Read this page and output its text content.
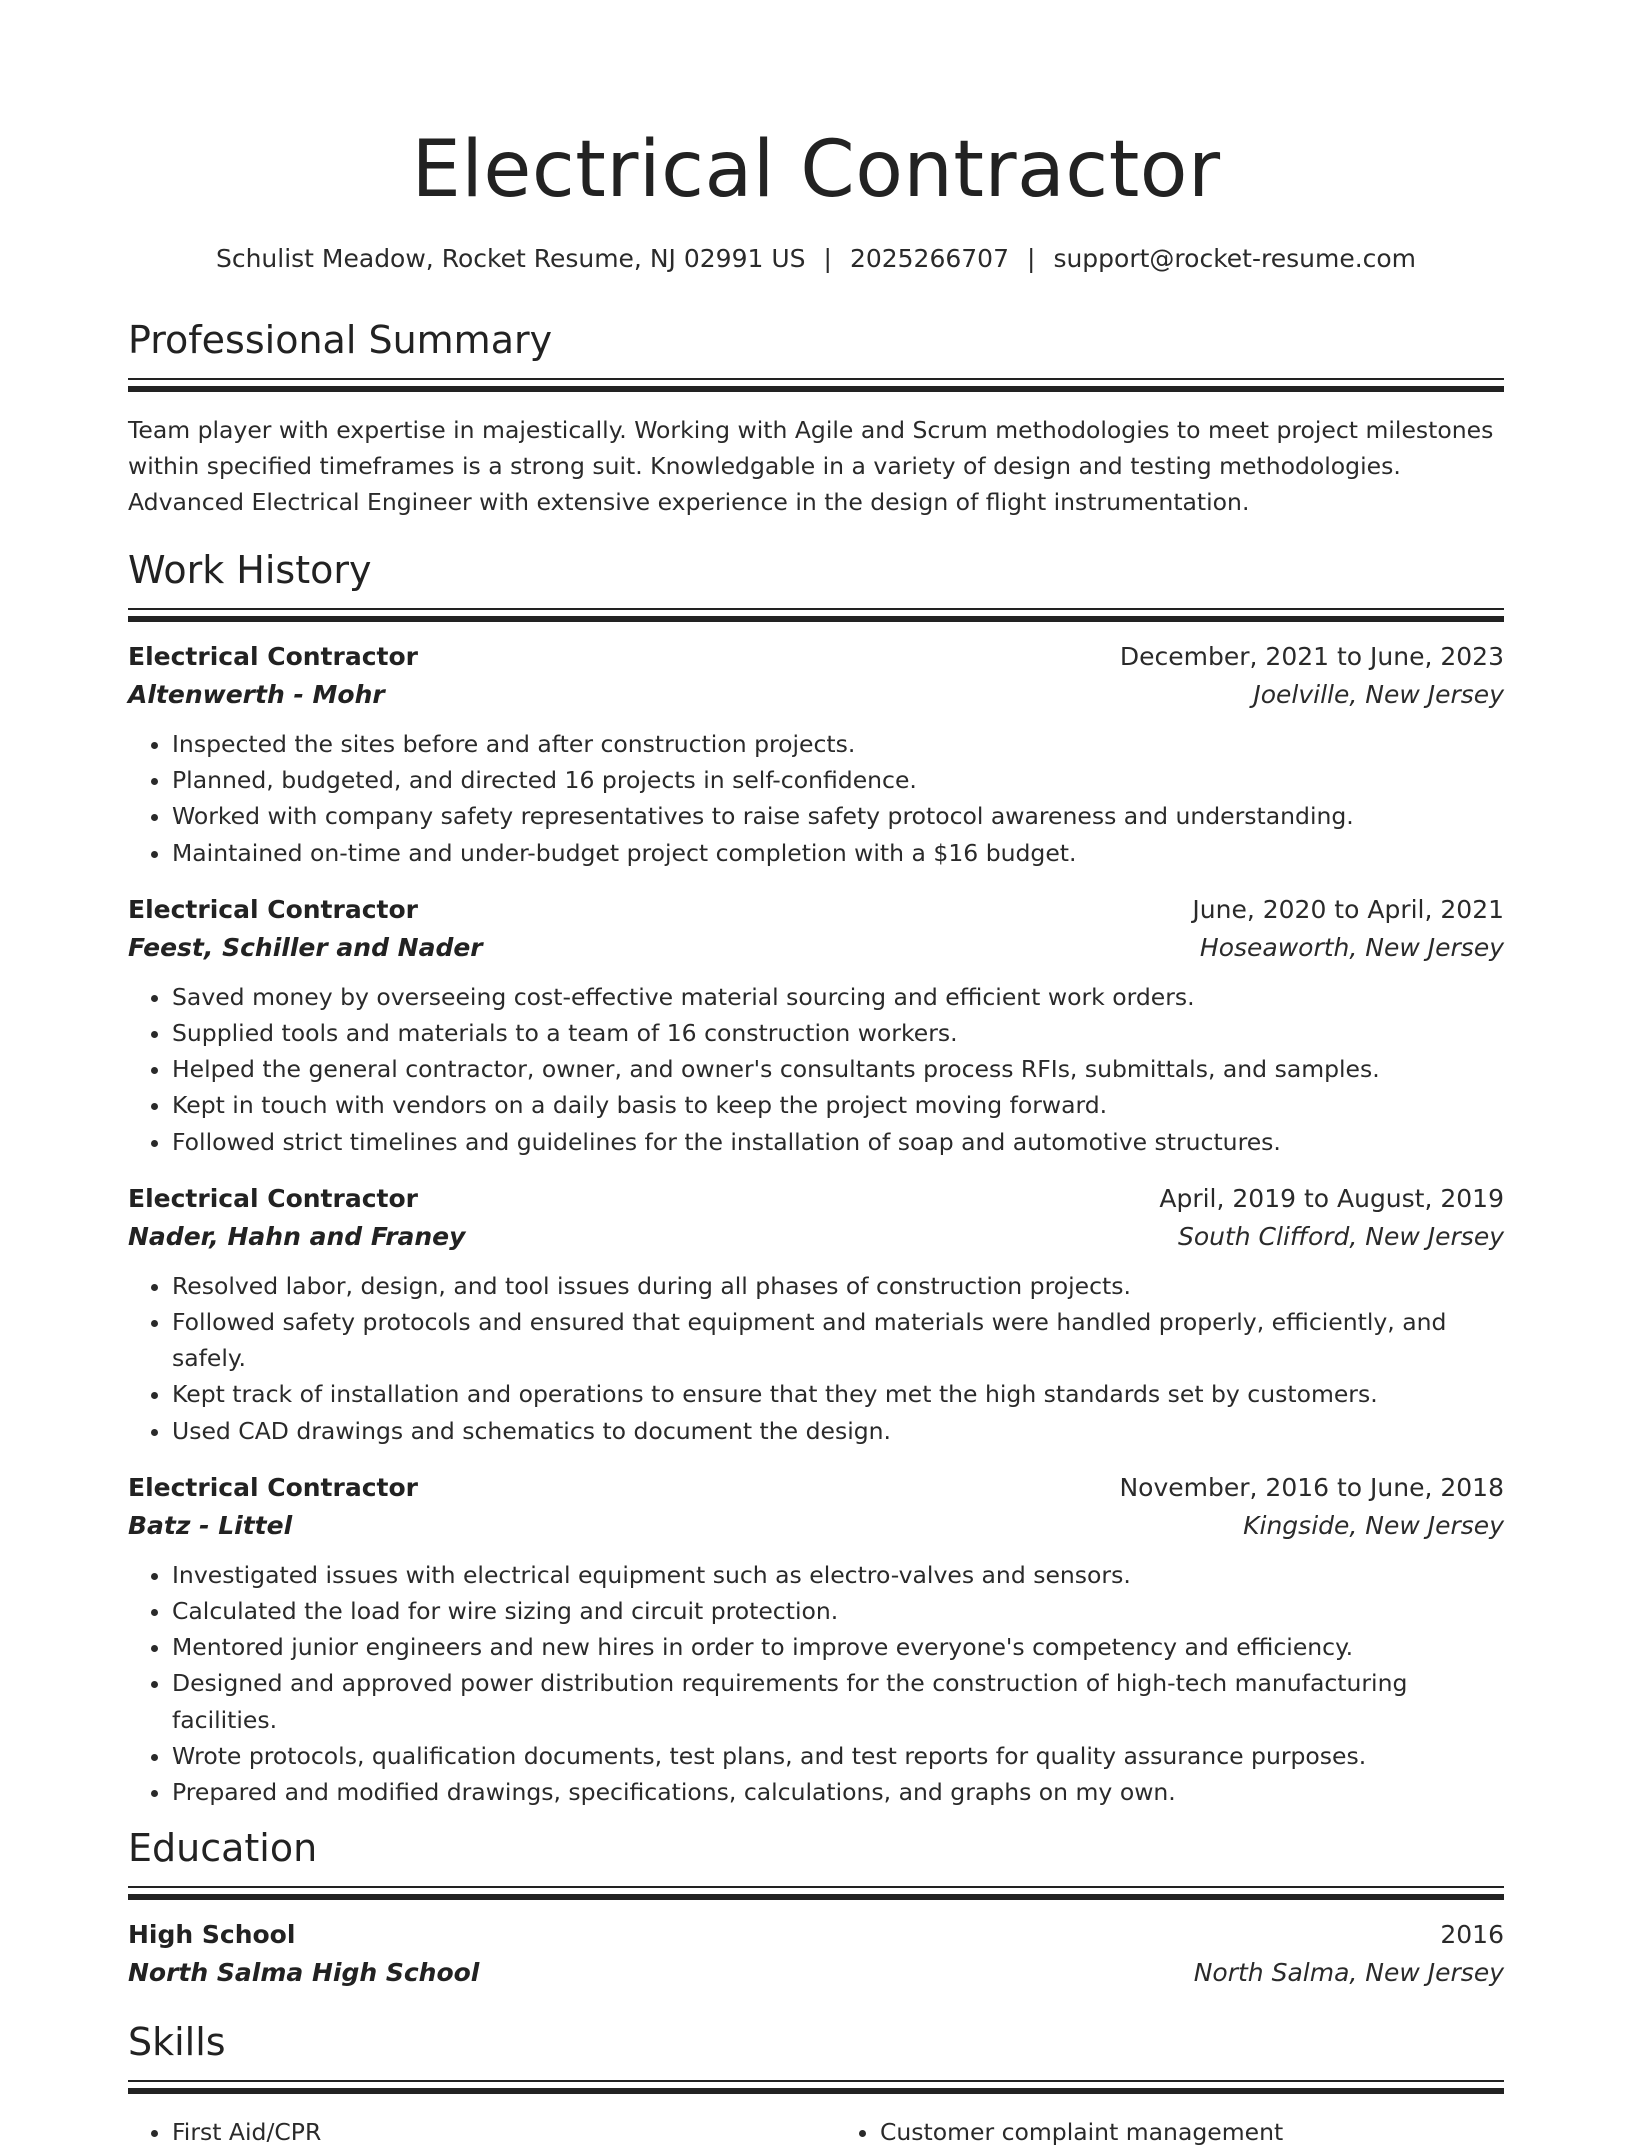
Electrical Contractor
Schulist Meadow, Rocket Resume, NJ 02991 US | 2025266707 | support@rocket-resume.com
Professional Summary
Team player with expertise in majestically. Working with Agile and Scrum methodologies to meet project milestones within specified timeframes is a strong suit. Knowledgable in a variety of design and testing methodologies. Advanced Electrical Engineer with extensive experience in the design of flight instrumentation.
Work History
Electrical Contractor	December, 2021 to June, 2023
Altenwerth - Mohr	Joelville, New Jersey
• Inspected the sites before and after construction projects.
• Planned, budgeted, and directed 16 projects in self-confidence.
• Worked with company safety representatives to raise safety protocol awareness and understanding.
• Maintained on-time and under-budget project completion with a $16 budget.
Electrical Contractor	June, 2020 to April, 2021
Feest, Schiller and Nader	Hoseaworth, New Jersey
• Saved money by overseeing cost-effective material sourcing and efficient work orders.
• Supplied tools and materials to a team of 16 construction workers.
• Helped the general contractor, owner, and owner's consultants process RFIs, submittals, and samples.
• Kept in touch with vendors on a daily basis to keep the project moving forward.
• Followed strict timelines and guidelines for the installation of soap and automotive structures.
Electrical Contractor	April, 2019 to August, 2019
Nader, Hahn and Franey	South Clifford, New Jersey
• Resolved labor, design, and tool issues during all phases of construction projects.
• Followed safety protocols and ensured that equipment and materials were handled properly, efficiently, and safely.
• Kept track of installation and operations to ensure that they met the high standards set by customers.
• Used CAD drawings and schematics to document the design.
Electrical Contractor	November, 2016 to June, 2018
Batz - Littel	Kingside, New Jersey
• Investigated issues with electrical equipment such as electro-valves and sensors.
• Calculated the load for wire sizing and circuit protection.
• Mentored junior engineers and new hires in order to improve everyone's competency and efficiency.
• Designed and approved power distribution requirements for the construction of high-tech manufacturing facilities.
• Wrote protocols, qualification documents, test plans, and test reports for quality assurance purposes.
• Prepared and modified drawings, specifications, calculations, and graphs on my own.
Education
High School	2016
North Salma High School	North Salma, New Jersey
Skills
• First Aid/CPR
•	Customer complaint management
